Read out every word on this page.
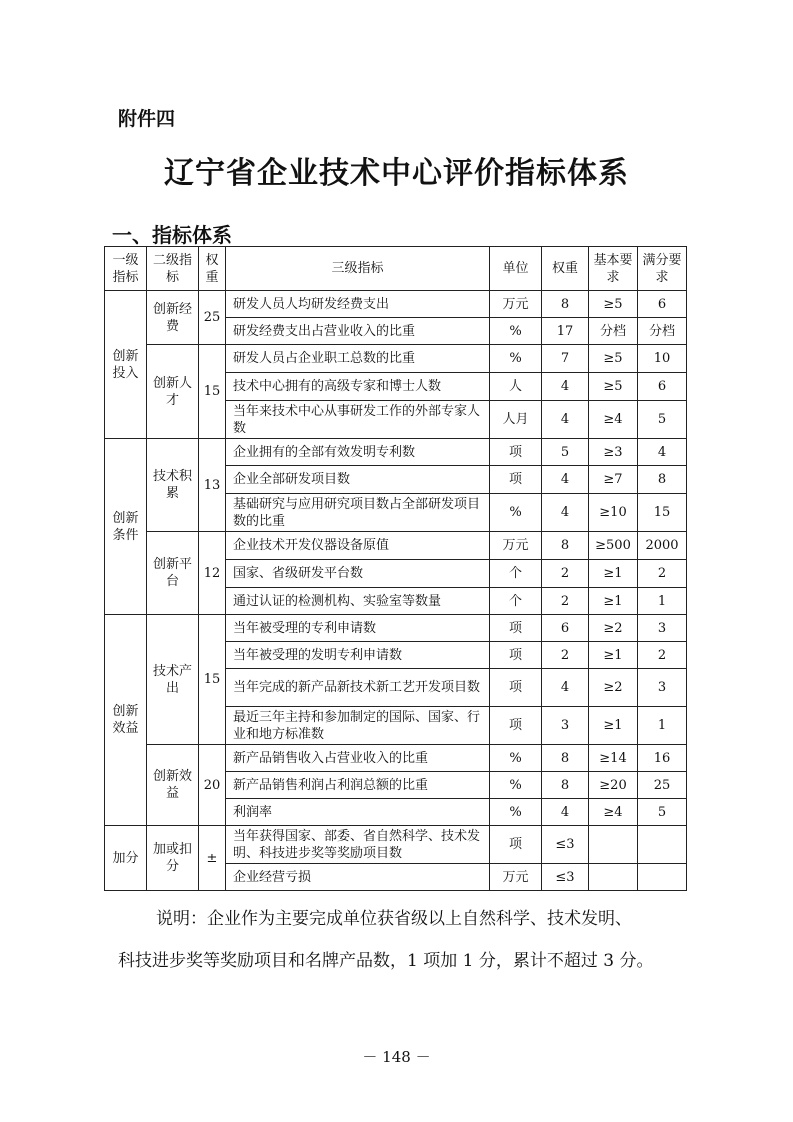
附件四
辽宁省企业技术中心评价指标体系
一、指标体系
一级指标	二级指标	权重	三级指标	单位	权重	基本要求	满分要求
创新投入	创新经费	25	研发人员人均研发经费支出	万元	8	≥5	6
			研发经费支出占营业收入的比重	%	17	分档	分档
	创新人才	15	研发人员占企业职工总数的比重	%	7	≥5	10
			技术中心拥有的高级专家和博士人数	人	4	≥5	6
			当年来技术中心从事研发工作的外部专家人数	人月	4	≥4	5
创新条件	技术积累	13	企业拥有的全部有效发明专利数	项	5	≥3	4
			企业全部研发项目数	项	4	≥7	8
			基础研究与应用研究项目数占全部研发项目数的比重	%	4	≥10	15
	创新平台	12	企业技术开发仪器设备原值	万元	8	≥500	2000
			国家、省级研发平台数	个	2	≥1	2
			通过认证的检测机构、实验室等数量	个	2	≥1	1
创新效益	技术产出	15	当年被受理的专利申请数	项	6	≥2	3
			当年被受理的发明专利申请数	项	2	≥1	2
			当年完成的新产品新技术新工艺开发项目数	项	4	≥2	3
			最近三年主持和参加制定的国际、国家、行业和地方标准数	项	3	≥1	1
	创新效益	20	新产品销售收入占营业收入的比重	%	8	≥14	16
			新产品销售利润占利润总额的比重	%	8	≥20	25
			利润率	%	4	≥4	5
加分	加或扣分	±	当年获得国家、部委、省自然科学、技术发明、科技进步奖等奖励项目数	项	≤3		
			企业经营亏损	万元	≤3		
说明：企业作为主要完成单位获省级以上自然科学、技术发明、
科技进步奖等奖励项目和名牌产品数，1 项加 1 分，累计不超过 3 分。
－ 148 －
